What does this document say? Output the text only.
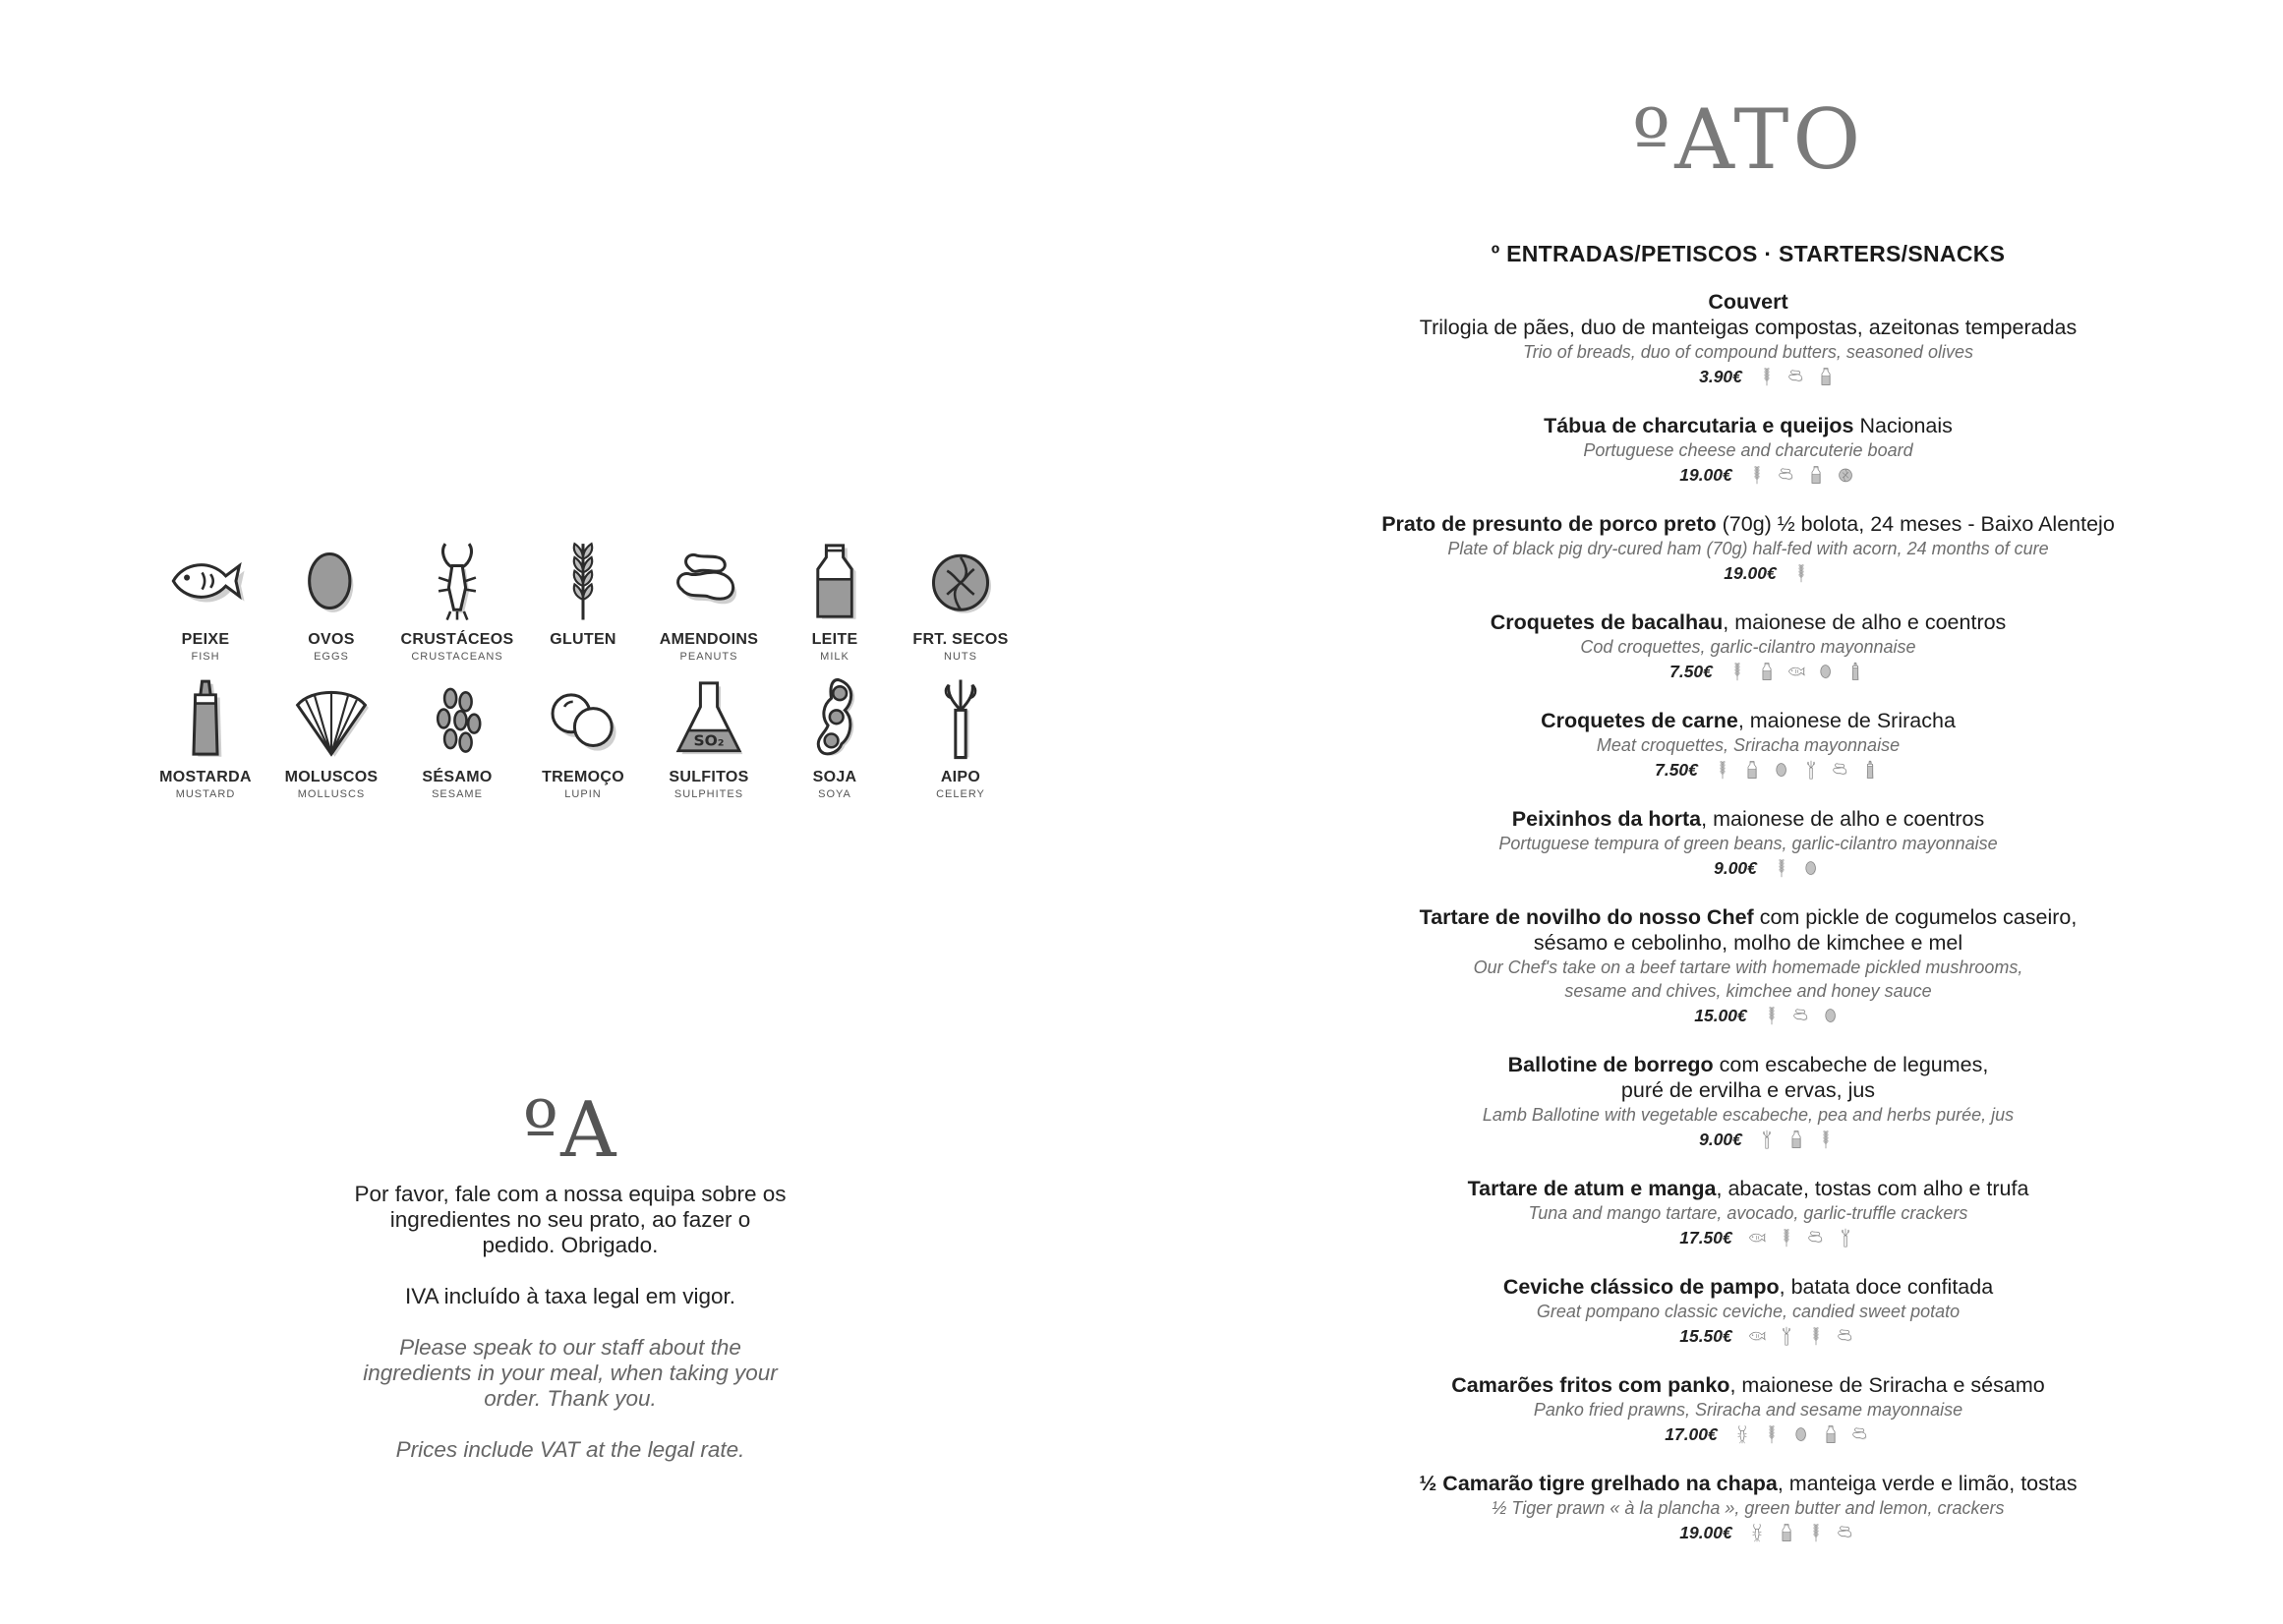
PEIXE
FISH
OVOS
EGGS
CRUSTÁCEOS
CRUSTACEANS
GLUTEN	AMENDOINS
PEANUTS
LEITE
MILK
FRT. SECOS
NUTS
MOSTARDA
MUSTARD
MOLUSCOS
MOLLUSCS
SÉSAMO
SESAME
TREMOÇO
LUPIN
SULFITOS
SULPHITES
SOJA
SOYA
AIPO
CELERY
ºA

Por favor, fale com a nossa equipa sobre os ingredientes no seu prato, ao fazer o pedido. Obrigado.

IVA incluído à taxa legal em vigor.

Please speak to our staff about the ingredients in your meal, when taking your order. Thank you.

Prices include VAT at the legal rate.

ºATO
º ENTRADAS/PETISCOS · STARTERS/SNACKS
Couvert
Trilogia de pães, duo de manteigas compostas, azeitonas temperadas
Trio of breads, duo of compound butters, seasoned olives
3.90€
Tábua de charcutaria e queijos Nacionais
Portuguese cheese and charcuterie board
19.00€
Prato de presunto de porco preto (70g) ½ bolota, 24 meses - Baixo Alentejo
Plate of black pig dry-cured ham (70g) half-fed with acorn, 24 months of cure
19.00€
Croquetes de bacalhau, maionese de alho e coentros
Cod croquettes, garlic-cilantro mayonnaise
7.50€
Croquetes de carne, maionese de Sriracha
Meat croquettes, Sriracha mayonnaise
7.50€
Peixinhos da horta, maionese de alho e coentros
Portuguese tempura of green beans, garlic-cilantro mayonnaise
9.00€
Tartare de novilho do nosso Chef com pickle de cogumelos caseiro,
sésamo e cebolinho, molho de kimchee e mel
Our Chef's take on a beef tartare with homemade pickled mushrooms,
sesame and chives, kimchee and honey sauce
15.00€
Ballotine de borrego com escabeche de legumes,
puré de ervilha e ervas, jus
Lamb Ballotine with vegetable escabeche, pea and herbs purée, jus
9.00€
Tartare de atum e manga, abacate, tostas com alho e trufa
Tuna and mango tartare, avocado, garlic-truffle crackers
17.50€
Ceviche clássico de pampo, batata doce confitada
Great pompano classic ceviche, candied sweet potato
15.50€
Camarões fritos com panko, maionese de Sriracha e sésamo
Panko fried prawns, Sriracha and sesame mayonnaise
17.00€
½ Camarão tigre grelhado na chapa, manteiga verde e limão, tostas
½ Tiger prawn « à la plancha », green butter and lemon, crackers
19.00€
